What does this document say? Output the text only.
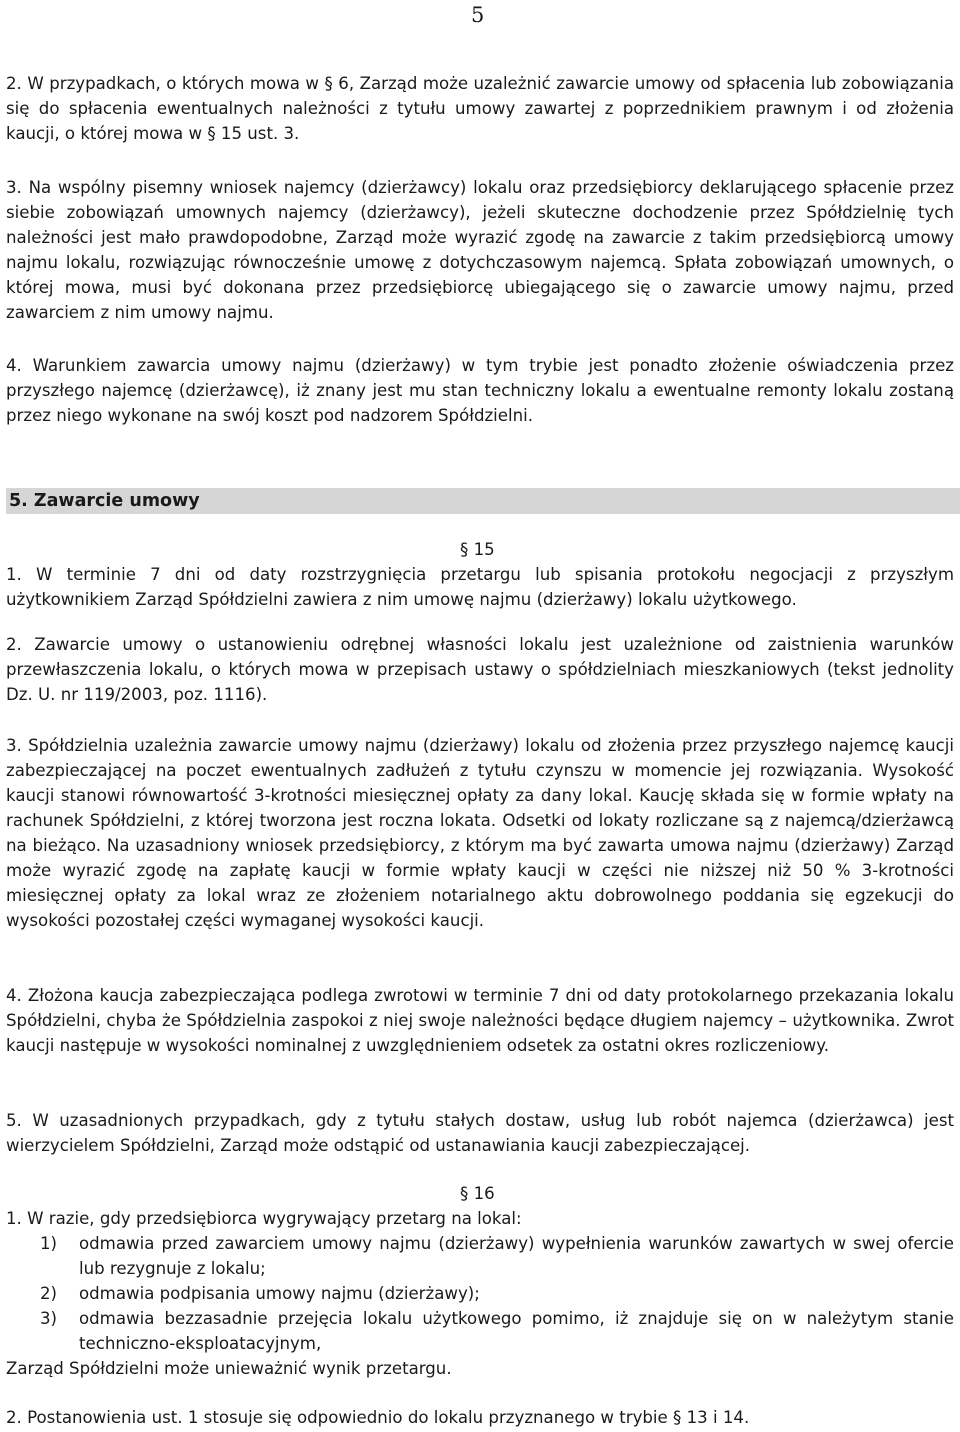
5

2. W przypadkach, o których mowa w § 6, Zarząd może uzależnić zawarcie umowy od spłacenia lub zobowiązania się do spłacenia ewentualnych należności z tytułu umowy zawartej z poprzednikiem prawnym i od złożenia kaucji, o której mowa w § 15 ust. 3.

3. Na wspólny pisemny wniosek najemcy (dzierżawcy) lokalu oraz przedsiębiorcy deklarującego spłacenie przez siebie zobowiązań umownych najemcy (dzierżawcy), jeżeli skuteczne dochodzenie przez Spółdzielnię tych należności jest mało prawdopodobne, Zarząd może wyrazić zgodę na zawarcie z takim przedsiębiorcą umowy najmu lokalu, rozwiązując równocześnie umowę z dotychczasowym najemcą. Spłata zobowiązań umownych, o której mowa, musi być dokonana przez przedsiębiorcę ubiegającego się o zawarcie umowy najmu, przed zawarciem z nim umowy najmu.

4. Warunkiem zawarcia umowy najmu (dzierżawy) w tym trybie jest ponadto złożenie oświadczenia przez przyszłego najemcę (dzierżawcę), iż znany jest mu stan techniczny lokalu a ewentualne remonty lokalu zostaną przez niego wykonane na swój koszt pod nadzorem Spółdzielni.

5. Zawarcie umowy
§ 15

1. W terminie 7 dni od daty rozstrzygnięcia przetargu lub spisania protokołu negocjacji z przyszłym użytkownikiem Zarząd Spółdzielni zawiera z nim umowę najmu (dzierżawy) lokalu użytkowego.

2. Zawarcie umowy o ustanowieniu odrębnej własności lokalu jest uzależnione od zaistnienia warunków przewłaszczenia lokalu, o których mowa w przepisach ustawy o spółdzielniach mieszkaniowych (tekst jednolity Dz. U. nr 119/2003, poz. 1116).

3. Spółdzielnia uzależnia zawarcie umowy najmu (dzierżawy) lokalu od złożenia przez przyszłego najemcę kaucji zabezpieczającej na poczet ewentualnych zadłużeń z tytułu czynszu w momencie jej rozwiązania. Wysokość kaucji stanowi równowartość 3-krotności miesięcznej opłaty za dany lokal. Kaucję składa się w formie wpłaty na rachunek Spółdzielni, z której tworzona jest roczna lokata. Odsetki od lokaty rozliczane są z najemcą/dzierżawcą na bieżąco. Na uzasadniony wniosek przedsiębiorcy, z którym ma być zawarta umowa najmu (dzierżawy) Zarząd może wyrazić zgodę na zapłatę kaucji w formie wpłaty kaucji w części nie niższej niż 50 % 3-krotności miesięcznej opłaty za lokal wraz ze złożeniem notarialnego aktu dobrowolnego poddania się egzekucji do wysokości pozostałej części wymaganej wysokości kaucji.

4. Złożona kaucja zabezpieczająca podlega zwrotowi w terminie 7 dni od daty protokolarnego przekazania lokalu Spółdzielni, chyba że Spółdzielnia zaspokoi z niej swoje należności będące długiem najemcy – użytkownika. Zwrot kaucji następuje w wysokości nominalnej z uwzględnieniem odsetek za ostatni okres rozliczeniowy.

5. W uzasadnionych przypadkach, gdy z tytułu stałych dostaw, usług lub robót najemca (dzierżawca) jest wierzycielem Spółdzielni, Zarząd może odstąpić od ustanawiania kaucji zabezpieczającej.

§ 16

1. W razie, gdy przedsiębiorca wygrywający przetarg na lokal:

1) odmawia przed zawarciem umowy najmu (dzierżawy) wypełnienia warunków zawartych w swej ofercie lub rezygnuje z lokalu;
2) odmawia podpisania umowy najmu (dzierżawy);
3) odmawia bezzasadnie przejęcia lokalu użytkowego pomimo, iż znajduje się on w należytym stanie techniczno-eksploatacyjnym,

Zarząd Spółdzielni może unieważnić wynik przetargu.

2. Postanowienia ust. 1 stosuje się odpowiednio do lokalu przyznanego w trybie § 13 i 14.
